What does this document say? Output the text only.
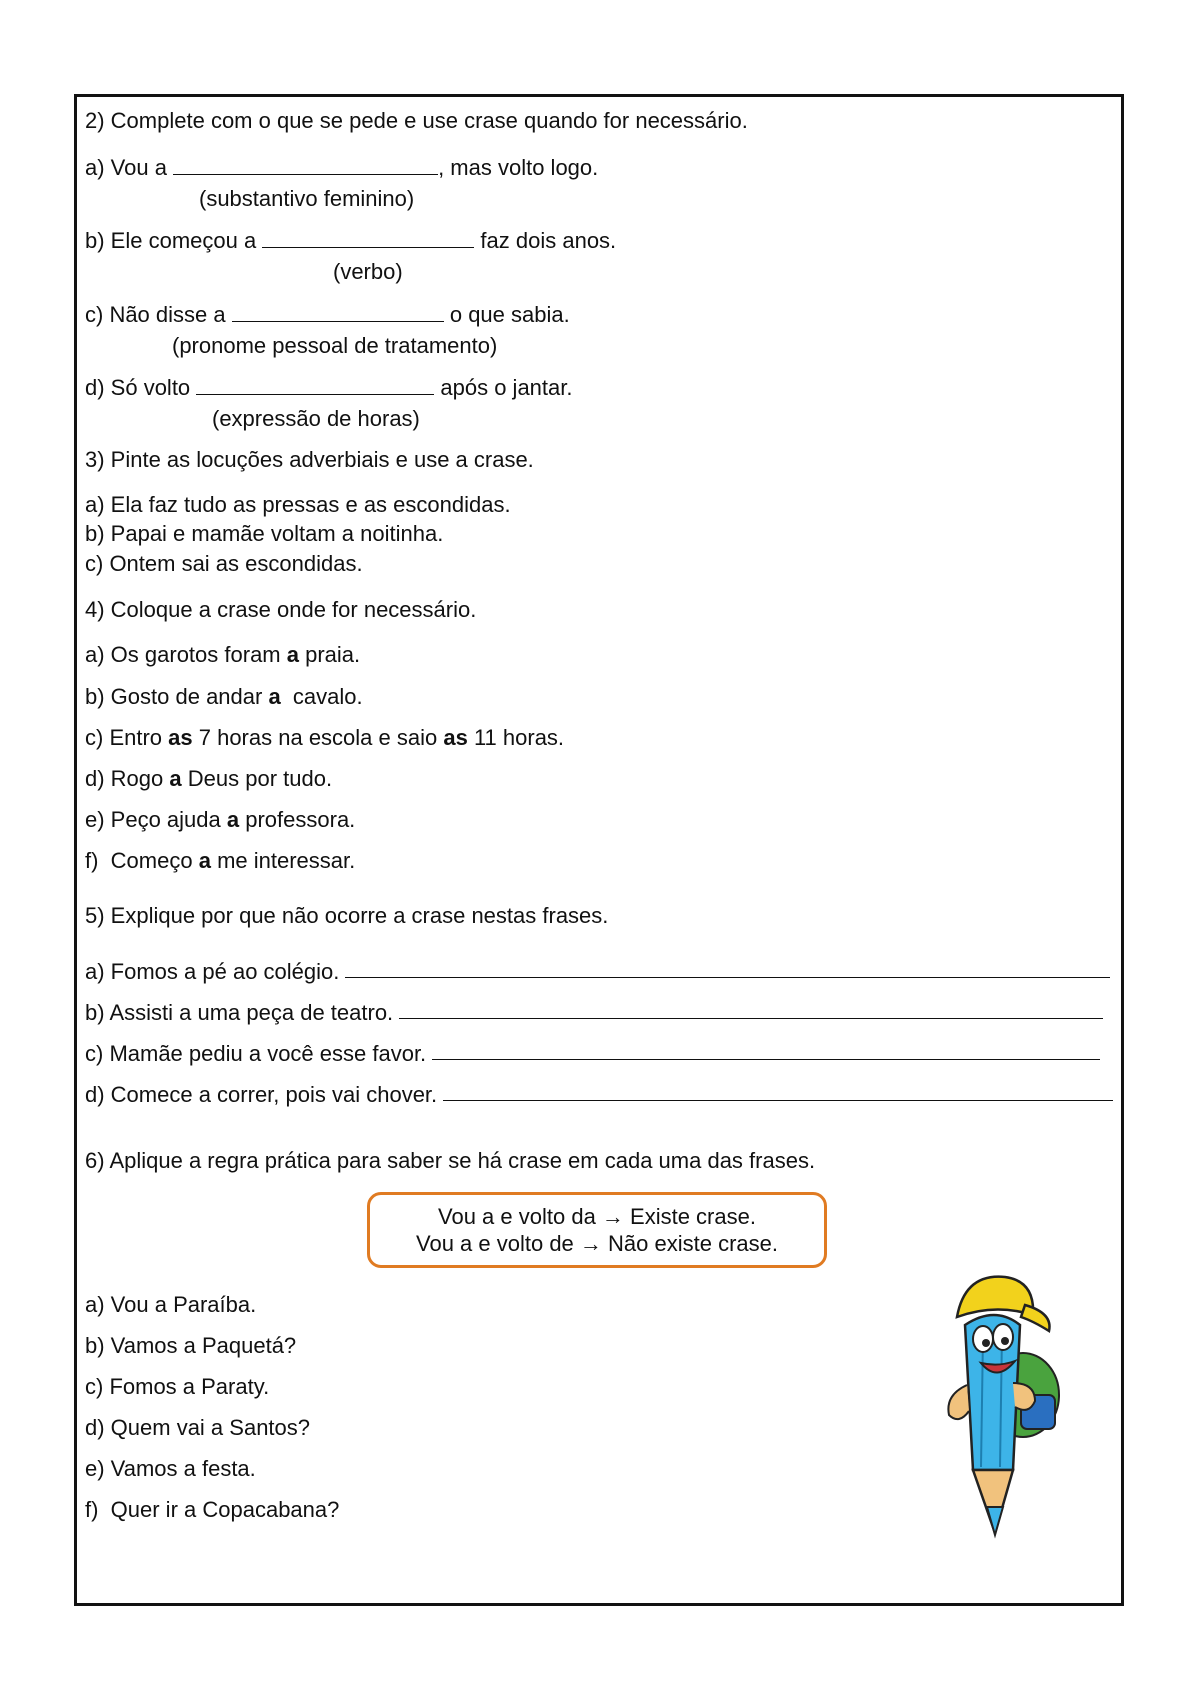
2) Complete com o que se pede e use crase quando for necessário.
a) Vou a	, mas volto logo.
(substantivo feminino)
b) Ele começou a	faz dois anos.
(verbo)
c) Não disse a	o que sabia.
(pronome pessoal de tratamento)
d) Só volto	após o jantar.
(expressão de horas)
3) Pinte as locuções adverbiais e use a crase.
a) Ela faz tudo as pressas e as escondidas.
b) Papai e mamãe voltam a noitinha.
c) Ontem sai as escondidas.
4) Coloque a crase onde for necessário.
a) Os garotos foram a praia.
b) Gosto de andar a  cavalo.
c) Entro as 7 horas na escola e saio as 11 horas.
d) Rogo a Deus por tudo.
e) Peço ajuda a professora.
f)  Começo a me interessar.
5) Explique por que não ocorre a crase nestas frases.
a) Fomos a pé ao colégio.
b) Assisti a uma peça de teatro.
c) Mamãe pediu a você esse favor.
d) Comece a correr, pois vai chover.
6) Aplique a regra prática para saber se há crase em cada uma das frases.
Vou a e volto da → Existe crase.
Vou a e volto de → Não existe crase.
a) Vou a Paraíba.
b) Vamos a Paquetá?
c) Fomos a Paraty.
d) Quem vai a Santos?
e) Vamos a festa.
f)  Quer ir a Copacabana?
